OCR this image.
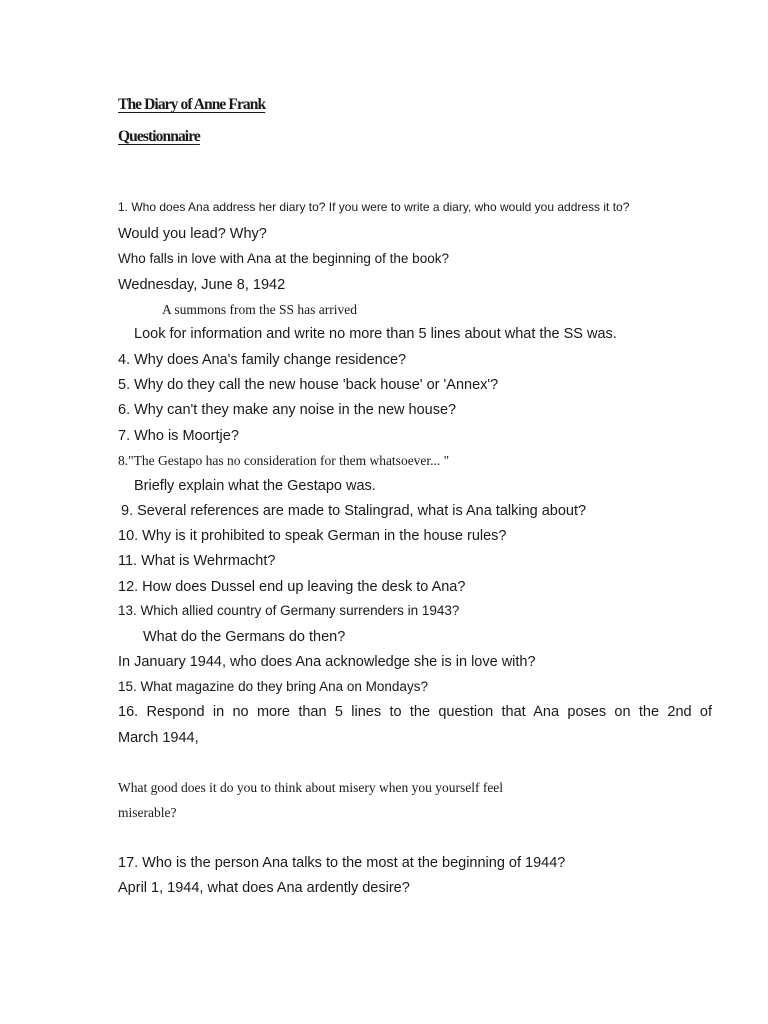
The Diary of Anne Frank
Questionnaire
1. Who does Ana address her diary to? If you were to write a diary, who would you address it to?
Would you lead? Why?
Who falls in love with Ana at the beginning of the book?
Wednesday, June 8, 1942
A summons from the SS has arrived
Look for information and write no more than 5 lines about what the SS was.
4. Why does Ana's family change residence?
5. Why do they call the new house 'back house' or 'Annex'?
6. Why can't they make any noise in the new house?
7. Who is Moortje?
8."The Gestapo has no consideration for them whatsoever... "
Briefly explain what the Gestapo was.
9. Several references are made to Stalingrad, what is Ana talking about?
10. Why is it prohibited to speak German in the house rules?
11. What is Wehrmacht?
12. How does Dussel end up leaving the desk to Ana?
13. Which allied country of Germany surrenders in 1943?
What do the Germans do then?
In January 1944, who does Ana acknowledge she is in love with?
15. What magazine do they bring Ana on Mondays?
16. Respond in no more than 5 lines to the question that Ana poses on the 2nd of
March 1944,
What good does it do you to think about misery when you yourself feel
miserable?
17. Who is the person Ana talks to the most at the beginning of 1944?
April 1, 1944, what does Ana ardently desire?
